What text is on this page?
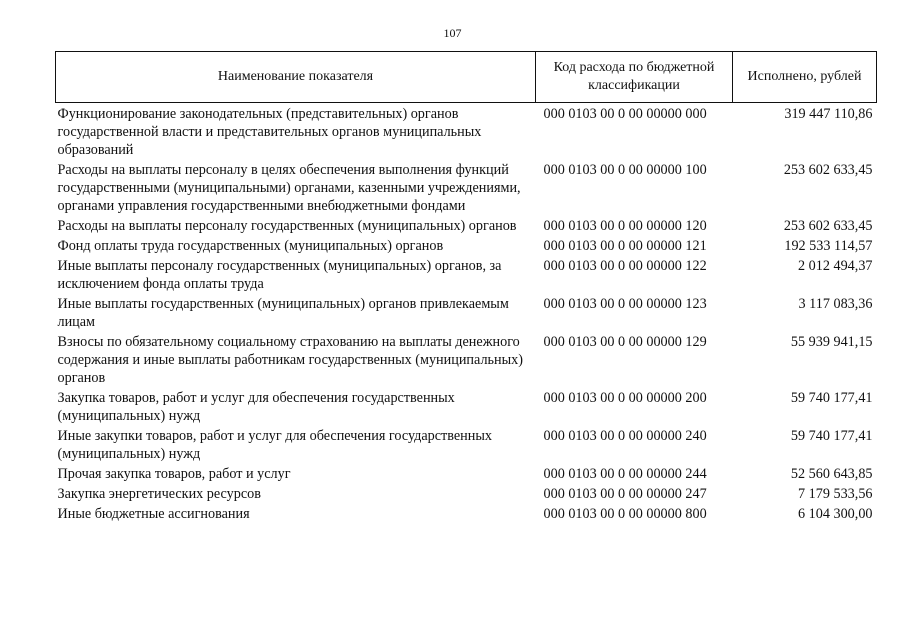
107
Наименование показателя	Код расхода по бюджетной классификации	Исполнено, рублей
Функционирование законодательных (представительных) органов государственной власти и представительных органов муниципальных образований	000 0103 00 0 00 00000 000	319 447 110,86
Расходы на выплаты персоналу в целях обеспечения выполнения функций государственными (муниципальными) органами, казенными учреждениями, органами управления государственными внебюджетными фондами	000 0103 00 0 00 00000 100	253 602 633,45
Расходы на выплаты персоналу государственных (муниципальных) органов	000 0103 00 0 00 00000 120	253 602 633,45
Фонд оплаты труда государственных (муниципальных) органов	000 0103 00 0 00 00000 121	192 533 114,57
Иные выплаты персоналу государственных (муниципальных) органов, за исключением фонда оплаты труда	000 0103 00 0 00 00000 122	2 012 494,37
Иные выплаты государственных (муниципальных) органов привлекаемым лицам	000 0103 00 0 00 00000 123	3 117 083,36
Взносы по обязательному социальному страхованию на выплаты денежного содержания и иные выплаты работникам государственных (муниципальных) органов	000 0103 00 0 00 00000 129	55 939 941,15
Закупка товаров, работ и услуг для обеспечения государственных (муниципальных) нужд	000 0103 00 0 00 00000 200	59 740 177,41
Иные закупки товаров, работ и услуг для обеспечения государственных (муниципальных) нужд	000 0103 00 0 00 00000 240	59 740 177,41
Прочая закупка товаров, работ и услуг	000 0103 00 0 00 00000 244	52 560 643,85
Закупка энергетических ресурсов	000 0103 00 0 00 00000 247	7 179 533,56
Иные бюджетные ассигнования	000 0103 00 0 00 00000 800	6 104 300,00
